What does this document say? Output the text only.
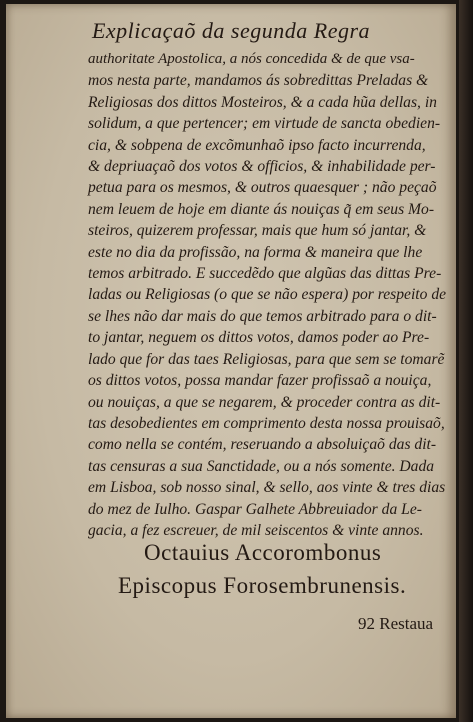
Explicaçaõ da segunda Regra
authoritate Apostolica, a nós concedida & de que vsa-
mos nesta parte, mandamos ás sobredittas Preladas &
Religiosas dos dittos Mosteiros, & a cada hũa dellas, in
solidum, a que pertencer; em virtude de sancta obedien-
cia, & sobpena de excõmunhaõ ipso facto incurrenda,
& depriuaçaõ dos votos & officios, & inhabilidade per-
petua para os mesmos, & outros quaesquer ; não peçaõ
nem leuem de hoje em diante ás nouiças q̃ em seus Mo-
steiros, quizerem professar, mais que hum só jantar, &
este no dia da profissão, na forma & maneira que lhe
temos arbitrado. E succedẽdo que algũas das dittas Pre-
ladas ou Religiosas (o que se não espera) por respeito de
se lhes não dar mais do que temos arbitrado para o dit-
to jantar, neguem os dittos votos, damos poder ao Pre-
lado que for das taes Religiosas, para que sem se tomarẽ
os dittos votos, possa mandar fazer profissaõ a nouiça,
ou nouiças, a que se negarem, & proceder contra as dit-
tas desobedientes em comprimento desta nossa prouisaõ,
como nella se contém, reseruando a absoluiçaõ das dit-
tas censuras a sua Sanctidade, ou a nós somente. Dada
em Lisboa, sob nosso sinal, & sello, aos vinte & tres dias
do mez de Iulho. Gaspar Galhete Abbreuiador da Le-
gacia, a fez escreuer, de mil seiscentos & vinte annos.
Octauius Accorombonus
Episcopus Forosembrunensis.
92 Restaua
